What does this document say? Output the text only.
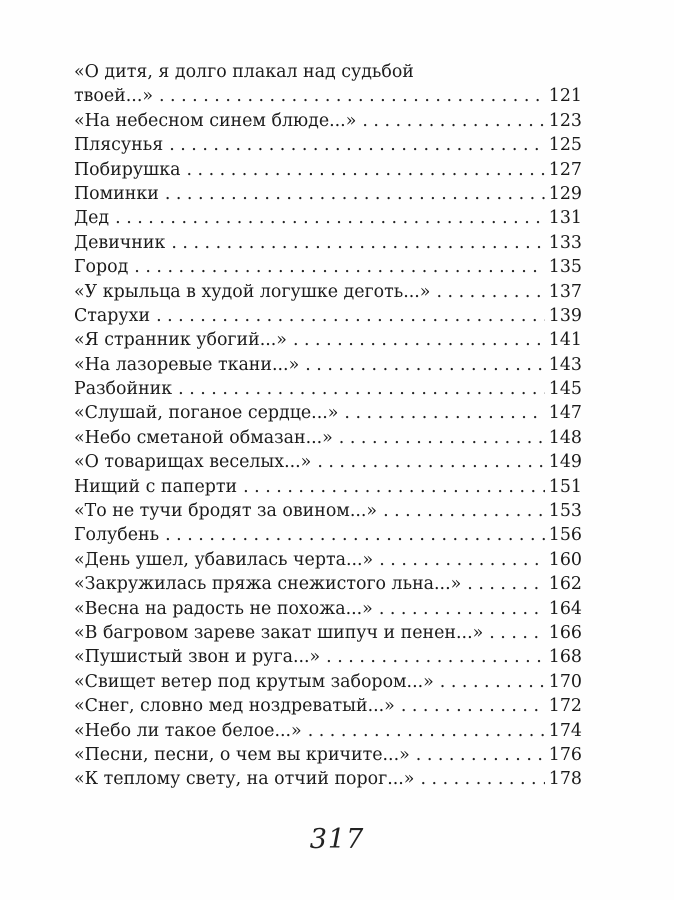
«О дитя, я долго плакал над судьбой
твоей...» . . .	121
«На небесном синем блюде...» . . .	123
Плясунья . . .	125
Побирушка . . .	127
Поминки . . .	129
Дед . . .	131
Девичник . . .	133
Город . . .	135
«У крыльца в худой логушке деготь...» . . .	137
Старухи . . .	139
«Я странник убогий...» . . .	141
«На лазоревые ткани...» . . .	143
Разбойник . . .	145
«Слушай, поганое сердце...» . . .	147
«Небо сметаной обмазан...» . . .	148
«О товарищах веселых...» . . .	149
Нищий с паперти . . .	151
«То не тучи бродят за овином...» . . .	153
Голубень . . .	156
«День ушел, убавилась черта...» . . .	160
«Закружилась пряжа снежистого льна...» . . .	162
«Весна на радость не похожа...» . . .	164
«В багровом зареве закат шипуч и пенен...» . . .	166
«Пушистый звон и руга...» . . .	168
«Свищет ветер под крутым забором...» . . .	170
«Снег, словно мед ноздреватый...» . . .	172
«Небо ли такое белое...» . . .	174
«Песни, песни, о чем вы кричите...» . . .	176
«К теплому свету, на отчий порог...» . . .	178
317
